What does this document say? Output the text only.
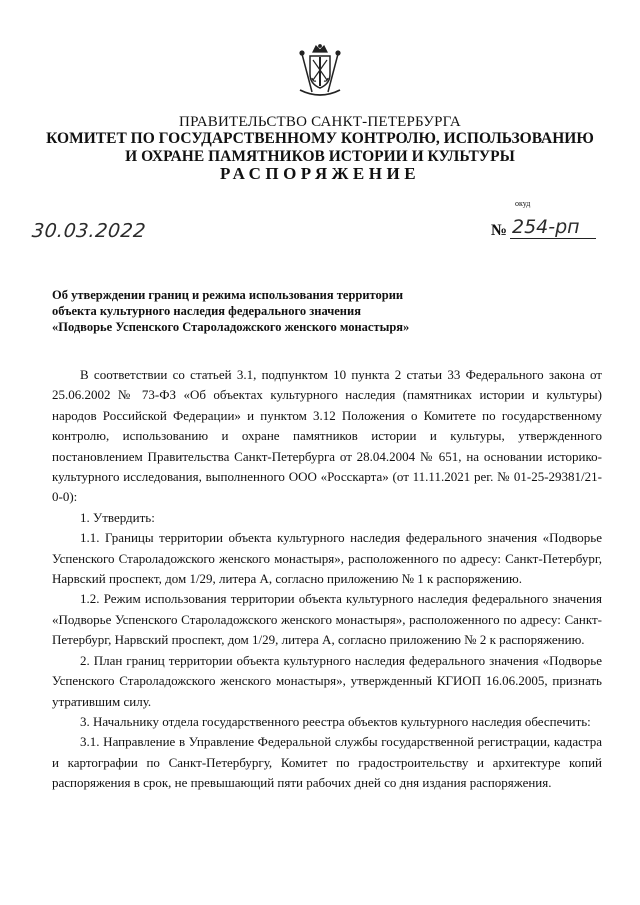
ПРАВИТЕЛЬСТВО САНКТ-ПЕТЕРБУРГА
КОМИТЕТ ПО ГОСУДАРСТВЕННОМУ КОНТРОЛЮ, ИСПОЛЬЗОВАНИЮ
И ОХРАНЕ ПАМЯТНИКОВ ИСТОРИИ И КУЛЬТУРЫ
РАСПОРЯЖЕНИЕ
окуд
30.03.2022	№ 254-рп
Об утверждении границ и режима использования территории
объекта культурного наследия федерального значения
«Подворье Успенского Староладожского женского монастыря»

В соответствии со статьей 3.1, подпунктом 10 пункта 2 статьи 33 Федерального закона от 25.06.2002 № 73-ФЗ «Об объектах культурного наследия (памятниках истории и культуры) народов Российской Федерации» и пунктом 3.12 Положения о Комитете по государственному контролю, использованию и охране памятников истории и культуры, утвержденного постановлением Правительства Санкт-Петербурга от 28.04.2004 № 651, на основании историко-культурного исследования, выполненного ООО «Росскарта» (от 11.11.2021 рег. № 01-25-29381/21-0-0):

1. Утвердить:

1.1. Границы территории объекта культурного наследия федерального значения «Подворье Успенского Староладожского женского монастыря», расположенного по адресу: Санкт-Петербург, Нарвский проспект, дом 1/29, литера А, согласно приложению № 1 к распоряжению.

1.2. Режим использования территории объекта культурного наследия федерального значения «Подворье Успенского Староладожского женского монастыря», расположенного по адресу: Санкт-Петербург, Нарвский проспект, дом 1/29, литера А, согласно приложению № 2 к распоряжению.

2. План границ территории объекта культурного наследия федерального значения «Подворье Успенского Староладожского женского монастыря», утвержденный КГИОП 16.06.2005, признать утратившим силу.

3. Начальнику отдела государственного реестра объектов культурного наследия обеспечить:

3.1. Направление в Управление Федеральной службы государственной регистрации, кадастра и картографии по Санкт-Петербургу, Комитет по градостроительству и архитектуре копий распоряжения в срок, не превышающий пяти рабочих дней со дня издания распоряжения.
